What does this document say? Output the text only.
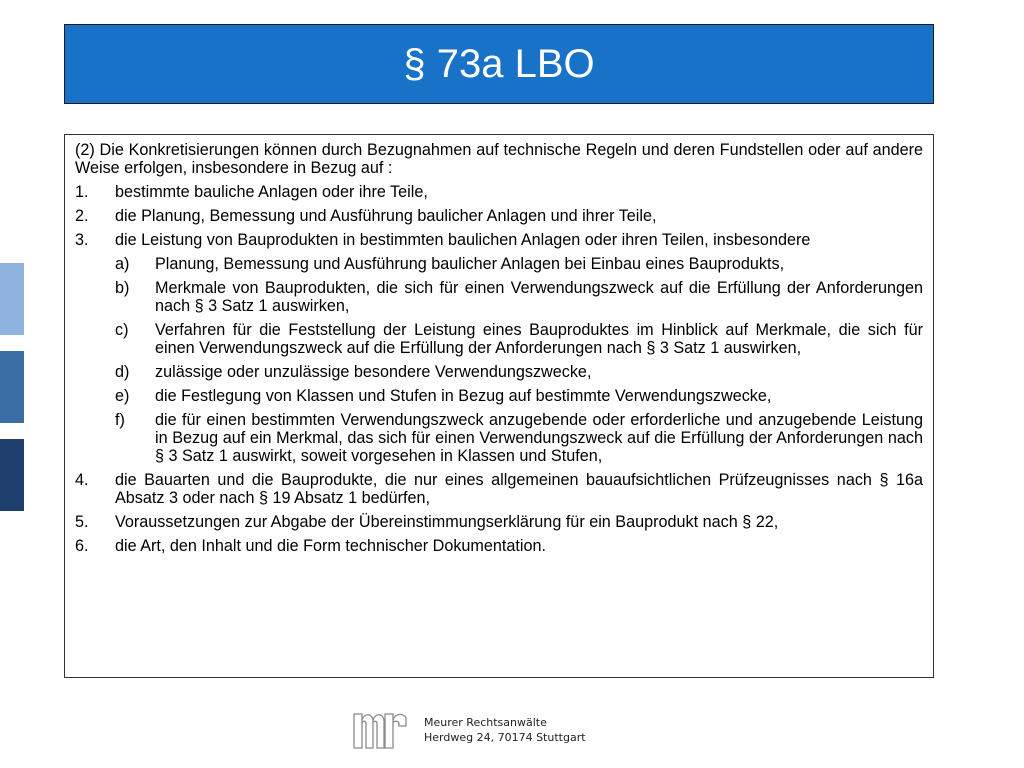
§ 73a LBO

(2) Die Konkretisierungen können durch Bezugnahmen auf technische Regeln und deren Fundstellen oder auf andere Weise erfolgen, insbesondere in Bezug auf :

1.	bestimmte bauliche Anlagen oder ihre Teile,
2.	die Planung, Bemessung und Ausführung baulicher Anlagen und ihrer Teile,
3.	die Leistung von Bauprodukten in bestimmten baulichen Anlagen oder ihren Teilen, insbesondere
a)	Planung, Bemessung und Ausführung baulicher Anlagen bei Einbau eines Bauprodukts,
b)	Merkmale von Bauprodukten, die sich für einen Verwendungszweck auf die Erfüllung der Anforderungen nach § 3 Satz 1 auswirken,
c)	Verfahren für die Feststellung der Leistung eines Bauproduktes im Hinblick auf Merkmale, die sich für einen Verwendungszweck auf die Erfüllung der Anforderungen nach § 3 Satz 1 auswirken,
d)	zulässige oder unzulässige besondere Verwendungszwecke,
e)	die Festlegung von Klassen und Stufen in Bezug auf bestimmte Verwendungszwecke,
f)	die für einen bestimmten Verwendungszweck anzugebende oder erforderliche und anzugebende Leistung in Bezug auf ein Merkmal, das sich für einen Verwendungszweck auf die Erfüllung der Anforderungen nach § 3 Satz 1 auswirkt, soweit vorgesehen in Klassen und Stufen,
4.	die Bauarten und die Bauprodukte, die nur eines allgemeinen bauaufsichtlichen Prüfzeugnisses nach § 16a Absatz 3 oder nach § 19 Absatz 1 bedürfen,
5.	Voraussetzungen zur Abgabe der Übereinstimmungserklärung für ein Bauprodukt nach § 22,
6.	die Art, den Inhalt und die Form technischer Dokumentation.
Meurer Rechtsanwälte
Herdweg 24, 70174 Stuttgart
